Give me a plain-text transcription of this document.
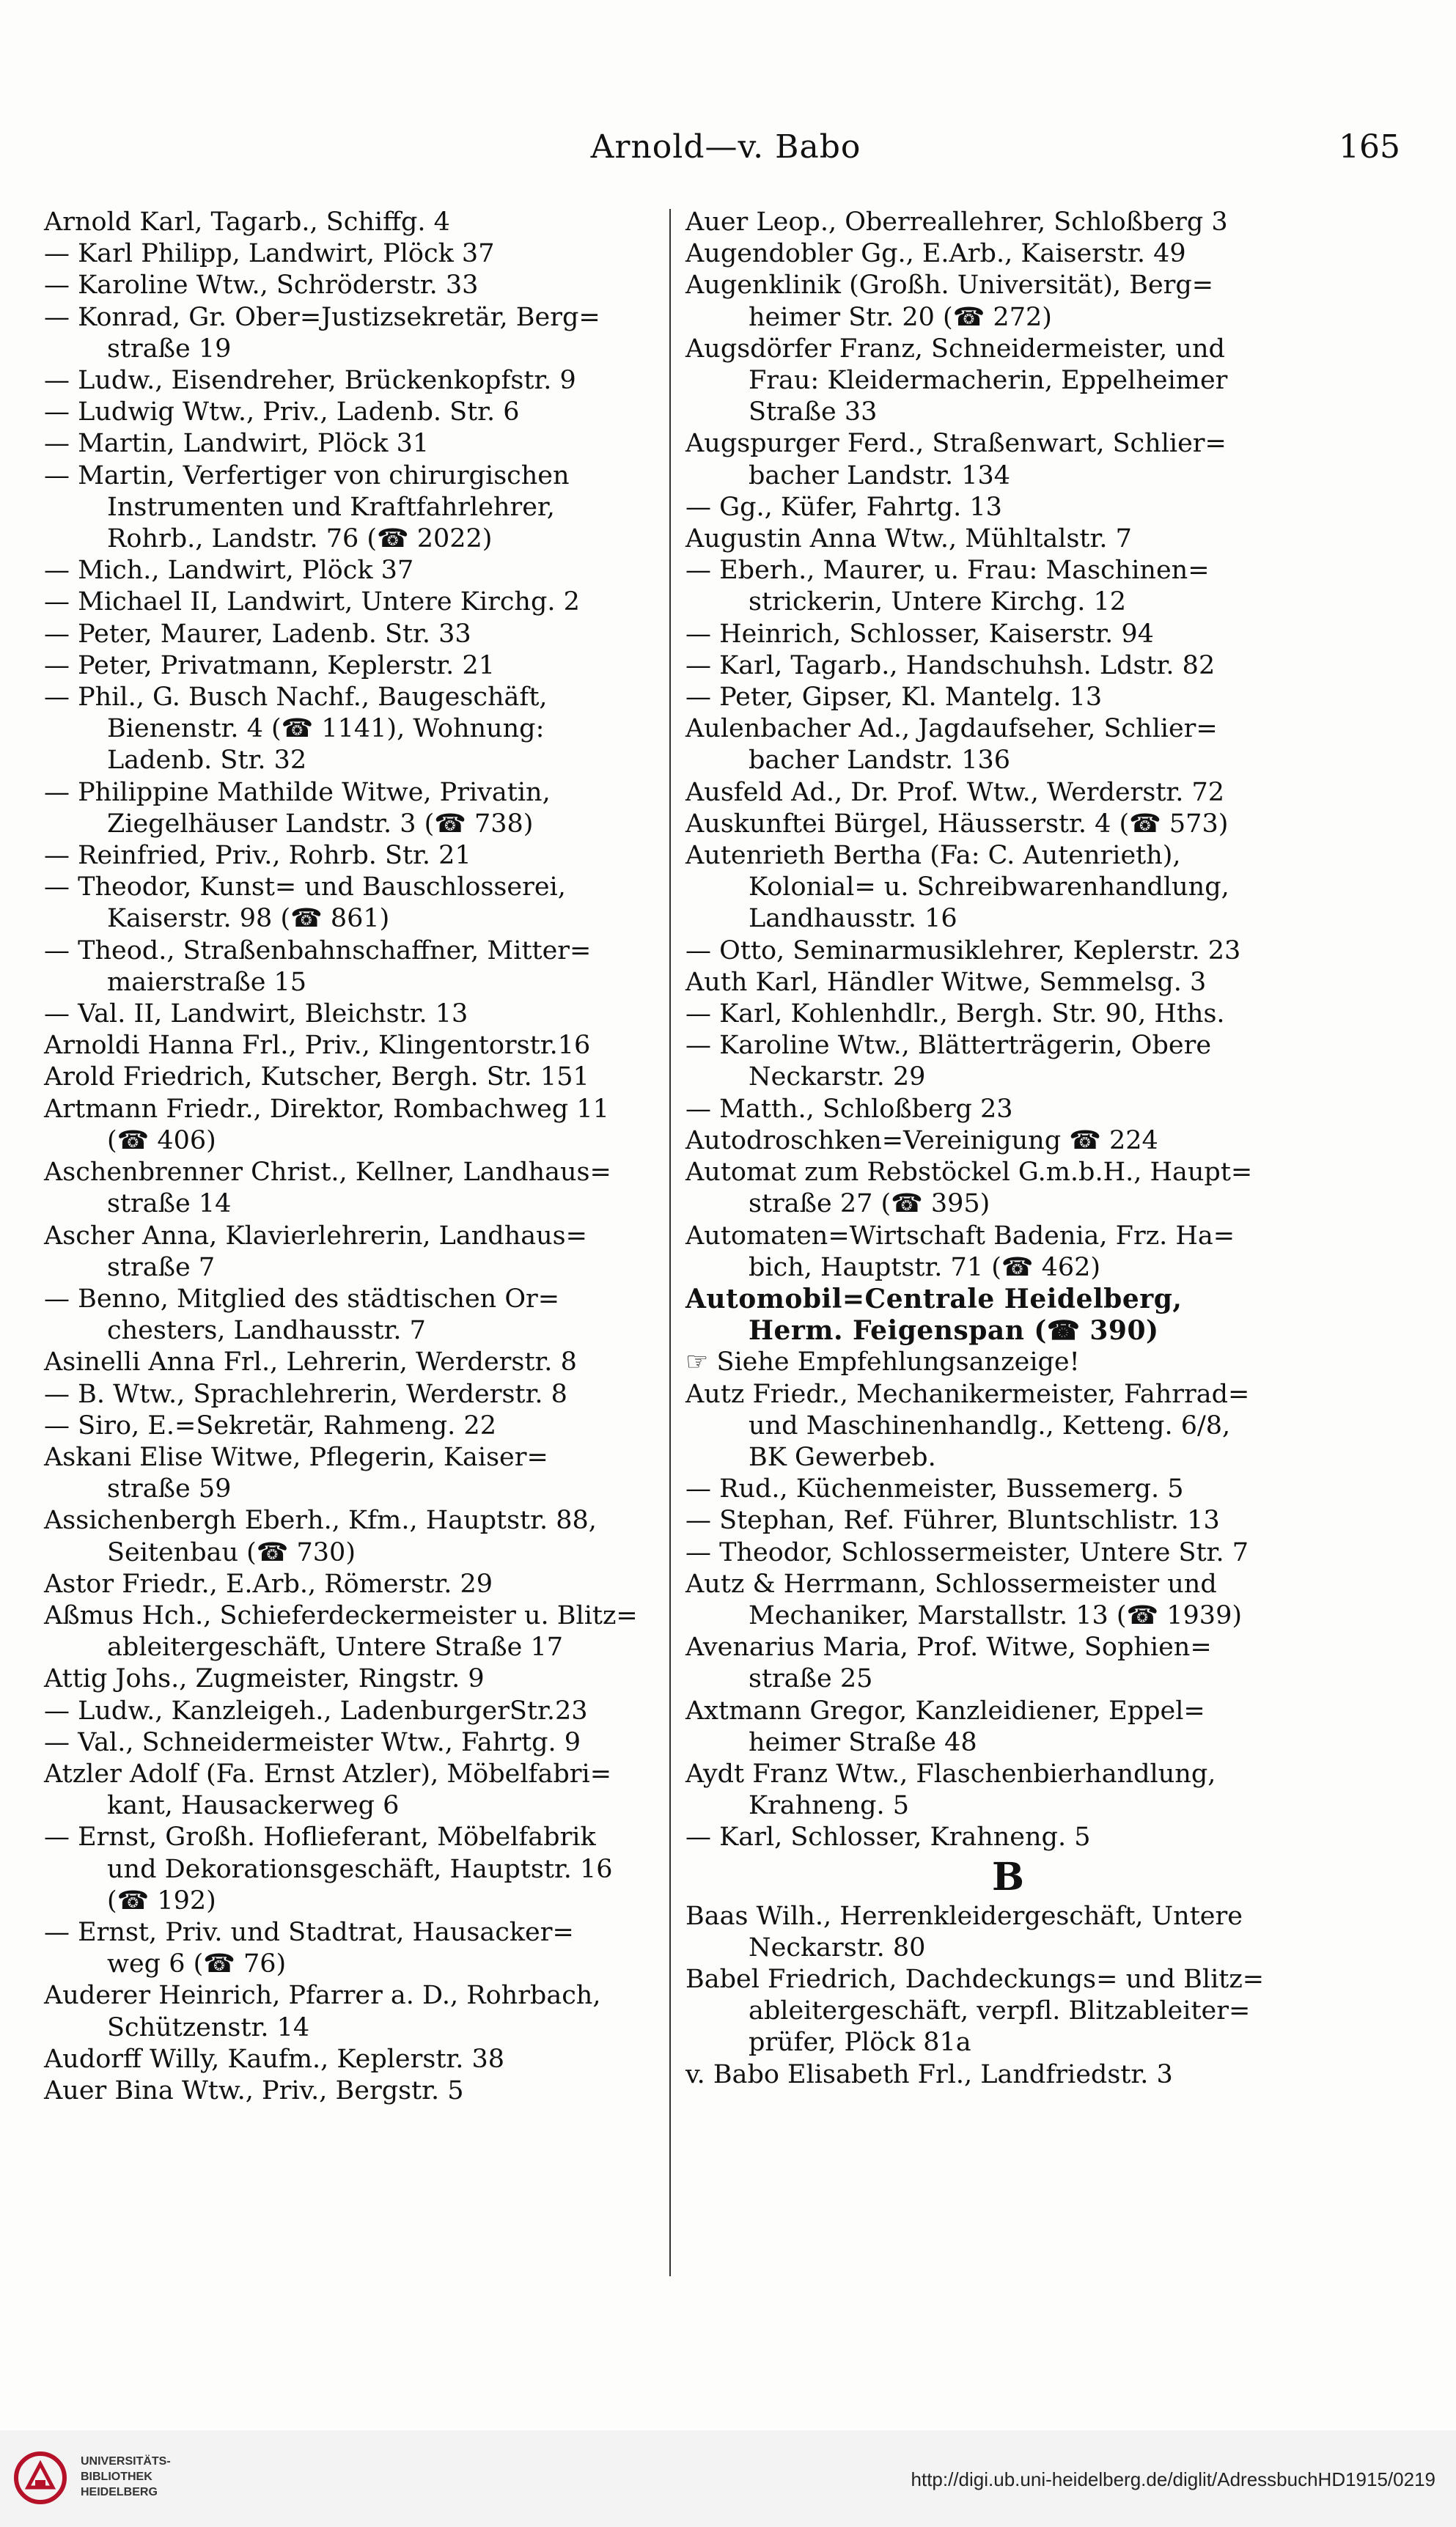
Arnold—v. Babo	165
Arnold Karl, Tagarb., Schiffg. 4
— Karl Philipp, Landwirt, Plöck 37
— Karoline Wtw., Schröderstr. 33
— Konrad, Gr. Ober=Justizsekretär, Berg=
straße 19
— Ludw., Eisendreher, Brückenkopfstr. 9
— Ludwig Wtw., Priv., Ladenb. Str. 6
— Martin, Landwirt, Plöck 31
— Martin, Verfertiger von chirurgischen
Instrumenten und Kraftfahrlehrer,
Rohrb., Landstr. 76 (☎ 2022)
— Mich., Landwirt, Plöck 37
— Michael II, Landwirt, Untere Kirchg. 2
— Peter, Maurer, Ladenb. Str. 33
— Peter, Privatmann, Keplerstr. 21
— Phil., G. Busch Nachf., Baugeschäft,
Bienenstr. 4 (☎ 1141), Wohnung:
Ladenb. Str. 32
— Philippine Mathilde Witwe, Privatin,
Ziegelhäuser Landstr. 3 (☎ 738)
— Reinfried, Priv., Rohrb. Str. 21
— Theodor, Kunst= und Bauschlosserei,
Kaiserstr. 98 (☎ 861)
— Theod., Straßenbahnschaffner, Mitter=
maierstraße 15
— Val. II, Landwirt, Bleichstr. 13
Arnoldi Hanna Frl., Priv., Klingentorstr.16
Arold Friedrich, Kutscher, Bergh. Str. 151
Artmann Friedr., Direktor, Rombachweg 11
(☎ 406)
Aschenbrenner Christ., Kellner, Landhaus=
straße 14
Ascher Anna, Klavierlehrerin, Landhaus=
straße 7
— Benno, Mitglied des städtischen Or=
chesters, Landhausstr. 7
Asinelli Anna Frl., Lehrerin, Werderstr. 8
— B. Wtw., Sprachlehrerin, Werderstr. 8
— Siro, E.=Sekretär, Rahmeng. 22
Askani Elise Witwe, Pflegerin, Kaiser=
straße 59
Assichenbergh Eberh., Kfm., Hauptstr. 88,
Seitenbau (☎ 730)
Astor Friedr., E.Arb., Römerstr. 29
Aßmus Hch., Schieferdeckermeister u. Blitz=
ableitergeschäft, Untere Straße 17
Attig Johs., Zugmeister, Ringstr. 9
— Ludw., Kanzleigeh., LadenburgerStr.23
— Val., Schneidermeister Wtw., Fahrtg. 9
Atzler Adolf (Fa. Ernst Atzler), Möbelfabri=
kant, Hausackerweg 6
— Ernst, Großh. Hoflieferant, Möbelfabrik
und Dekorationsgeschäft, Hauptstr. 16
(☎ 192)
— Ernst, Priv. und Stadtrat, Hausacker=
weg 6 (☎ 76)
Auderer Heinrich, Pfarrer a. D., Rohrbach,
Schützenstr. 14
Audorff Willy, Kaufm., Keplerstr. 38
Auer Bina Wtw., Priv., Bergstr. 5
Auer Leop., Oberreallehrer, Schloßberg 3
Augendobler Gg., E.Arb., Kaiserstr. 49
Augenklinik (Großh. Universität), Berg=
heimer Str. 20 (☎ 272)
Augsdörfer Franz, Schneidermeister, und
Frau: Kleidermacherin, Eppelheimer
Straße 33
Augspurger Ferd., Straßenwart, Schlier=
bacher Landstr. 134
— Gg., Küfer, Fahrtg. 13
Augustin Anna Wtw., Mühltalstr. 7
— Eberh., Maurer, u. Frau: Maschinen=
strickerin, Untere Kirchg. 12
— Heinrich, Schlosser, Kaiserstr. 94
— Karl, Tagarb., Handschuhsh. Ldstr. 82
— Peter, Gipser, Kl. Mantelg. 13
Aulenbacher Ad., Jagdaufseher, Schlier=
bacher Landstr. 136
Ausfeld Ad., Dr. Prof. Wtw., Werderstr. 72
Auskunftei Bürgel, Häusserstr. 4 (☎ 573)
Autenrieth Bertha (Fa: C. Autenrieth),
Kolonial= u. Schreibwarenhandlung,
Landhausstr. 16
— Otto, Seminarmusiklehrer, Keplerstr. 23
Auth Karl, Händler Witwe, Semmelsg. 3
— Karl, Kohlenhdlr., Bergh. Str. 90, Hths.
— Karoline Wtw., Blätterträgerin, Obere
Neckarstr. 29
— Matth., Schloßberg 23
Autodroschken=Vereinigung ☎ 224
Automat zum Rebstöckel G.m.b.H., Haupt=
straße 27 (☎ 395)
Automaten=Wirtschaft Badenia, Frz. Ha=
bich, Hauptstr. 71 (☎ 462)
Automobil=Centrale Heidelberg,
Herm. Feigenspan (☎ 390)
☞ Siehe Empfehlungsanzeige!
Autz Friedr., Mechanikermeister, Fahrrad=
und Maschinenhandlg., Ketteng. 6/8,
BK Gewerbeb.
— Rud., Küchenmeister, Bussemerg. 5
— Stephan, Ref. Führer, Bluntschlistr. 13
— Theodor, Schlossermeister, Untere Str. 7
Autz & Herrmann, Schlossermeister und
Mechaniker, Marstallstr. 13 (☎ 1939)
Avenarius Maria, Prof. Witwe, Sophien=
straße 25
Axtmann Gregor, Kanzleidiener, Eppel=
heimer Straße 48
Aydt Franz Wtw., Flaschenbierhandlung,
Krahneng. 5
— Karl, Schlosser, Krahneng. 5
B
Baas Wilh., Herrenkleidergeschäft, Untere
Neckarstr. 80
Babel Friedrich, Dachdeckungs= und Blitz=
ableitergeschäft, verpfl. Blitzableiter=
prüfer, Plöck 81a
v. Babo Elisabeth Frl., Landfriedstr. 3
UNIVERSITÄTS-
BIBLIOTHEK
HEIDELBERG
http://digi.ub.uni-heidelberg.de/diglit/AdressbuchHD1915/0219
